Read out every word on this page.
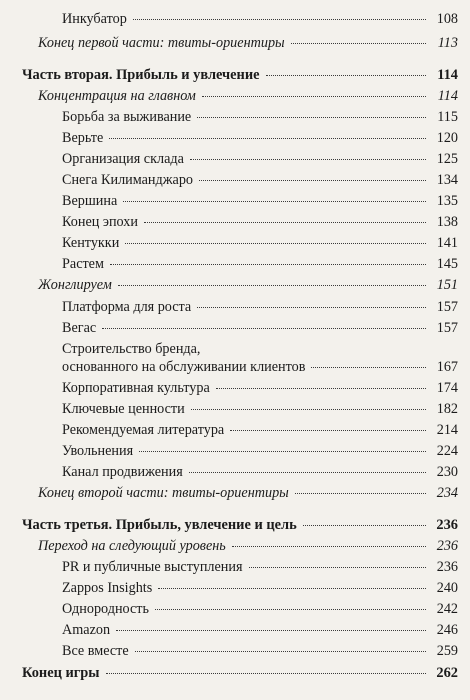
Инкубатор	108
Конец первой части: твиты-ориентиры	113
Часть вторая. Прибыль и увлечение	114
Концентрация на главном	114
Борьба за выживание	115
Верьте	120
Организация склада	125
Снега Килиманджаро	134
Вершина	135
Конец эпохи	138
Кентукки	141
Растем	145
Жонглируем	151
Платформа для роста	157
Вегас	157
Строительство бренда,
основанного на обслуживании клиентов	167
Корпоративная культура	174
Ключевые ценности	182
Рекомендуемая литература	214
Увольнения	224
Канал продвижения	230
Конец второй части: твиты-ориентиры	234
Часть третья. Прибыль, увлечение и цель	236
Переход на следующий уровень	236
PR и публичные выступления	236
Zappos Insights	240
Однородность	242
Amazon	246
Все вместе	259
Конец игры	262
